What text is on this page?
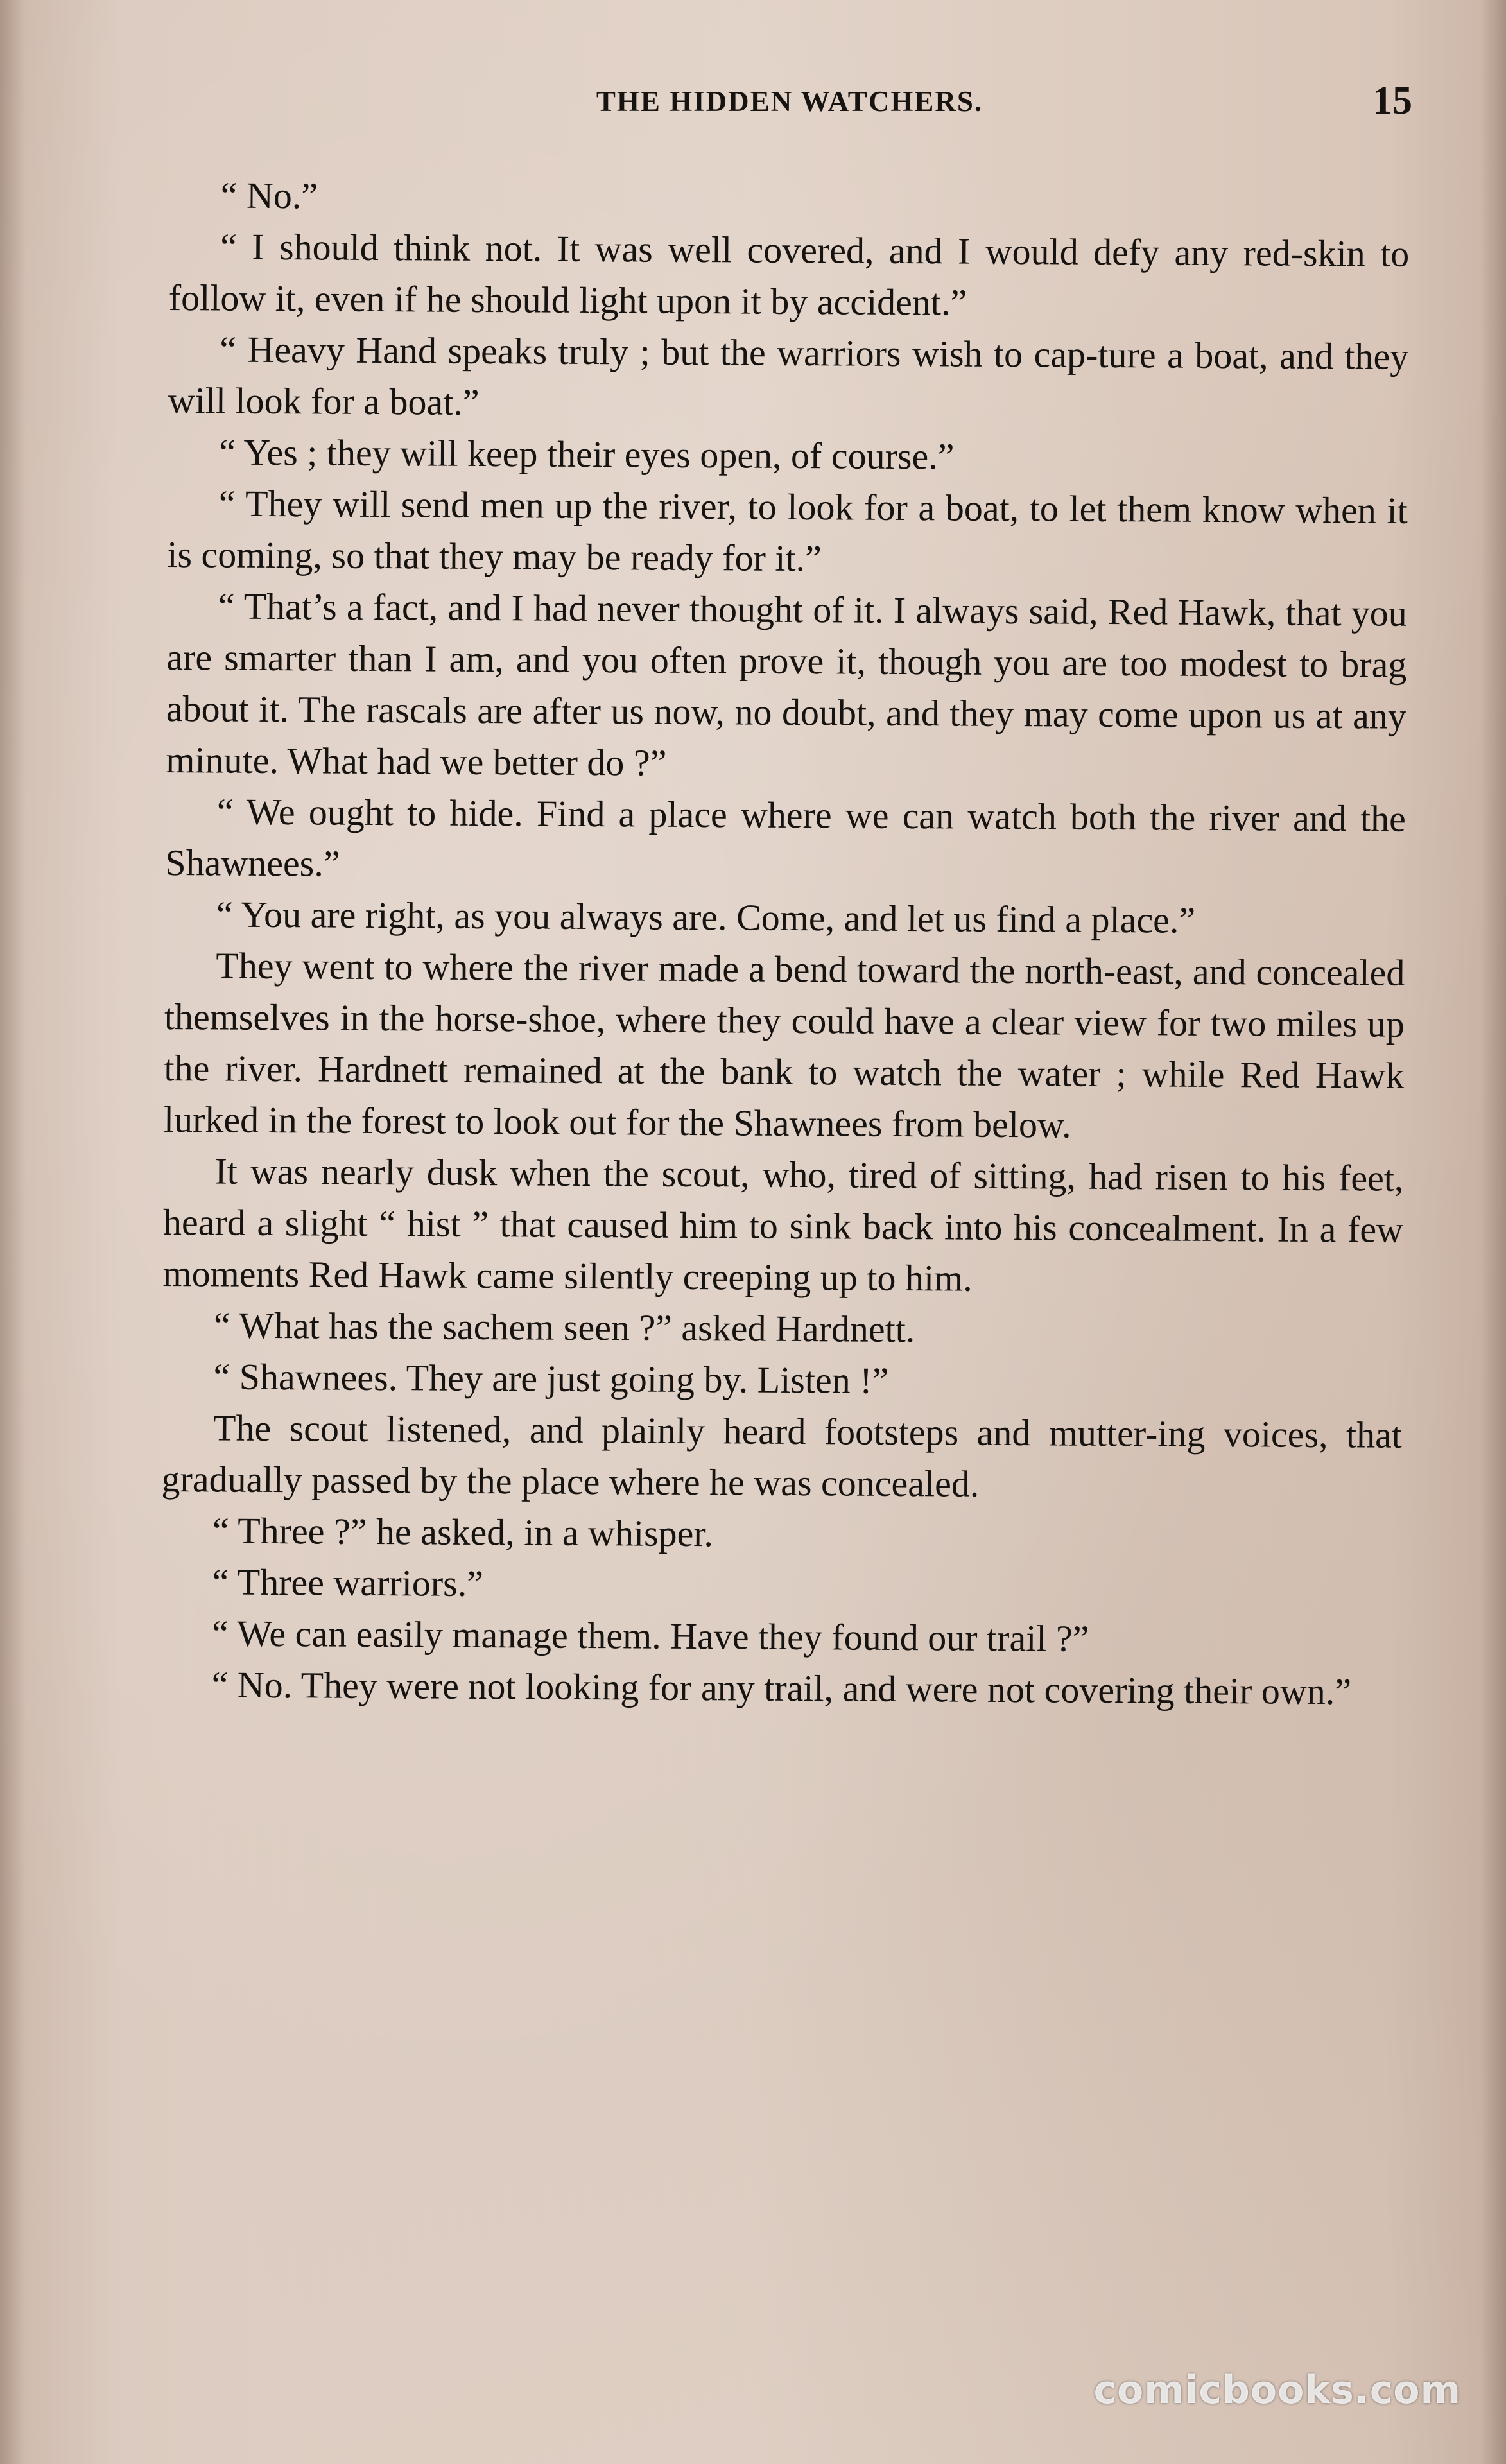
THE HIDDEN WATCHERS.	15

“ No.”

“ I should think not. It was well covered, and I would defy any red-skin to follow it, even if he should light upon it by accident.”

“ Heavy Hand speaks truly ; but the warriors wish to cap-ture a boat, and they will look for a boat.”

“ Yes ; they will keep their eyes open, of course.”

“ They will send men up the river, to look for a boat, to let them know when it is coming, so that they may be ready for it.”

“ That’s a fact, and I had never thought of it. I always said, Red Hawk, that you are smarter than I am, and you often prove it, though you are too modest to brag about it. The rascals are after us now, no doubt, and they may come upon us at any minute. What had we better do ?”

“ We ought to hide. Find a place where we can watch both the river and the Shawnees.”

“ You are right, as you always are. Come, and let us find a place.”

They went to where the river made a bend toward the north-east, and concealed themselves in the horse-shoe, where they could have a clear view for two miles up the river. Hardnett remained at the bank to watch the water ; while Red Hawk lurked in the forest to look out for the Shawnees from below.

It was nearly dusk when the scout, who, tired of sitting, had risen to his feet, heard a slight “ hist ” that caused him to sink back into his concealment. In a few moments Red Hawk came silently creeping up to him.

“ What has the sachem seen ?” asked Hardnett.

“ Shawnees. They are just going by. Listen !”

The scout listened, and plainly heard footsteps and mutter-ing voices, that gradually passed by the place where he was concealed.

“ Three ?” he asked, in a whisper.

“ Three warriors.”

“ We can easily manage them. Have they found our trail ?”

“ No. They were not looking for any trail, and were not covering their own.”

comicbooks.com
